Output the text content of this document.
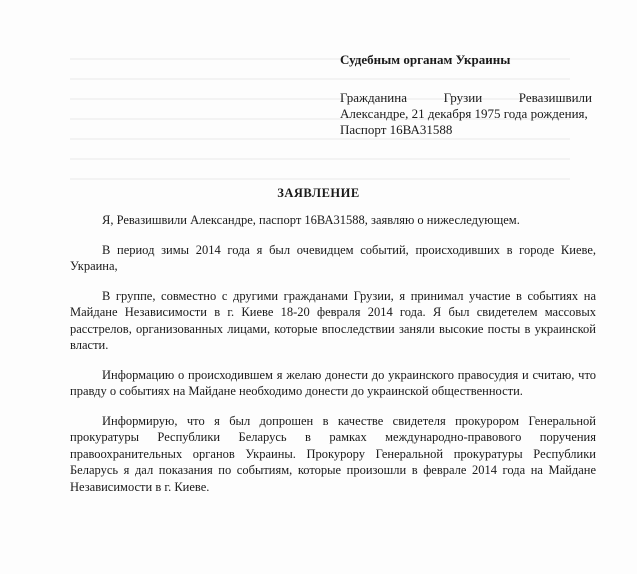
Судебным органам Украины
Гражданина Грузии Ревазишвили Александре, 21 декабря 1975 года рождения,
Паспорт 16ВА31588
ЗАЯВЛЕНИЕ

Я, Ревазишвили Александре, паспорт 16ВА31588, заявляю о нижеследующем.

В период зимы 2014 года я был очевидцем событий, происходивших в городе Киеве, Украина,

В группе, совместно с другими гражданами Грузии, я принимал участие в событиях на Майдане Независимости в г. Киеве 18-20 февраля 2014 года. Я был свидетелем массовых расстрелов, организованных лицами, которые впоследствии заняли высокие посты в украинской власти.

Информацию о происходившем я желаю донести до украинского правосудия и считаю, что правду о событиях на Майдане необходимо донести до украинской общественности.

Информирую, что я был допрошен в качестве свидетеля прокурором Генеральной прокуратуры Республики Беларусь в рамках международно-правового поручения правоохранительных органов Украины. Прокурору Генеральной прокуратуры Республики Беларусь я дал показания по событиям, которые произошли в феврале 2014 года на Майдане Независимости в г. Киеве.
